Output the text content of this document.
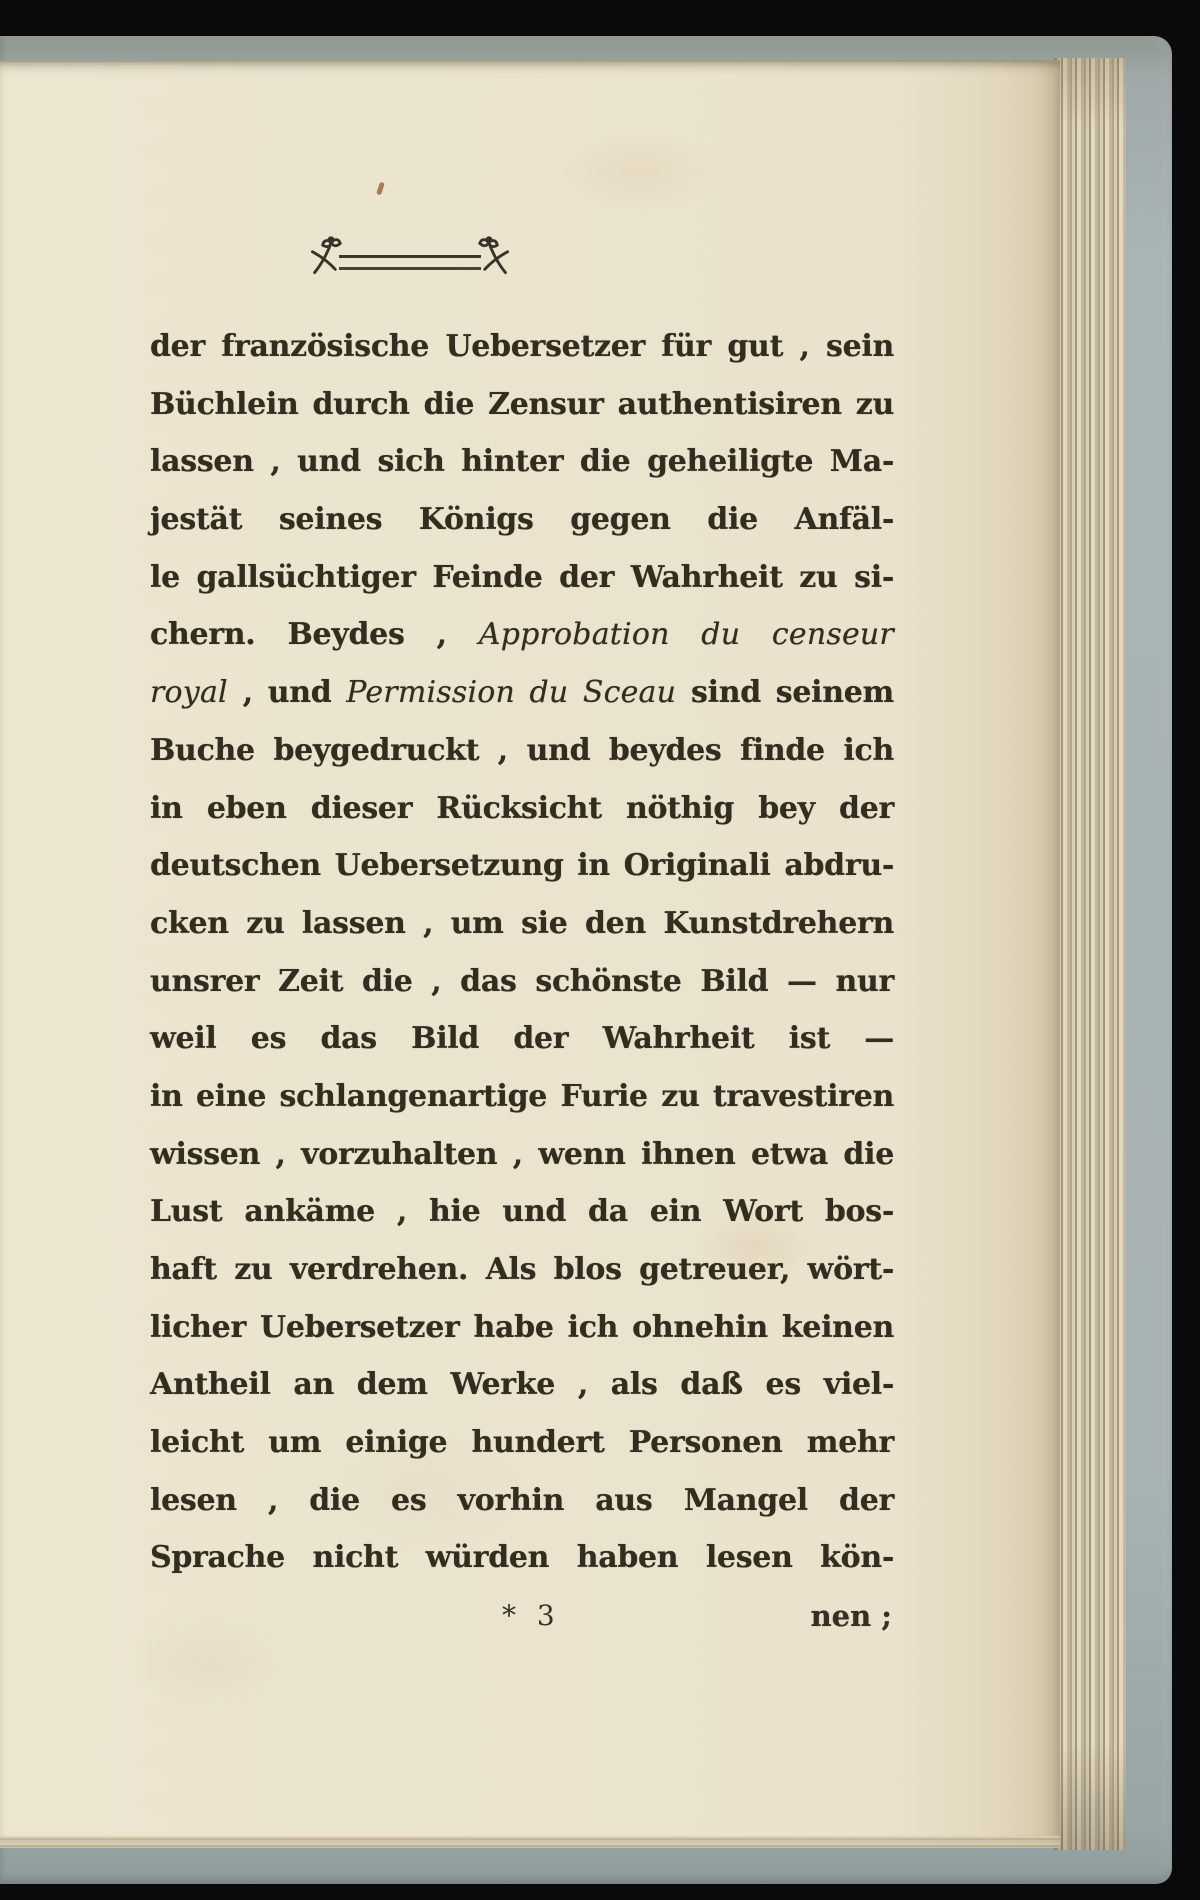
der französische Uebersetzer für gut , sein
Büchlein durch die Zensur authentisiren zu
lassen , und sich hinter die geheiligte Ma-
jestät seines Königs gegen die Anfäl-
le gallsüchtiger Feinde der Wahrheit zu si-
chern. Beydes , Approbation du censeur
royal , und Permission du Sceau sind seinem
Buche beygedruckt , und beydes finde ich
in eben dieser Rücksicht nöthig bey der
deutschen Uebersetzung in Originali abdru-
cken zu lassen , um sie den Kunstdrehern
unsrer Zeit die , das schönste Bild — nur
weil es das Bild der Wahrheit ist —
in eine schlangenartige Furie zu travestiren
wissen , vorzuhalten , wenn ihnen etwa die
Lust ankäme , hie und da ein Wort bos-
haft zu verdrehen. Als blos getreuer, wört-
licher Uebersetzer habe ich ohnehin keinen
Antheil an dem Werke , als daß es viel-
leicht um einige hundert Personen mehr
lesen , die es vorhin aus Mangel der
Sprache nicht würden haben lesen kön-
* 3	nen ;
